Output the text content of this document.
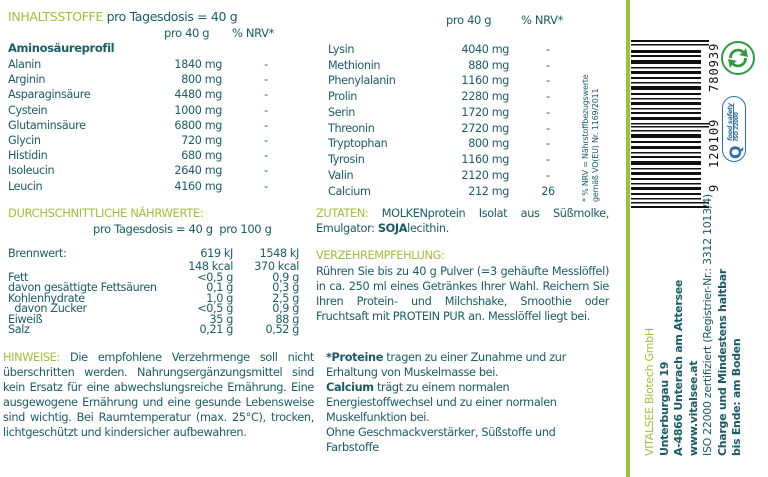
INHALTSSTOFFE pro Tagesdosis = 40 g
pro 40 g % NRV*
pro 40 g	% NRV*
Aminosäureprofil
Alanin	1840 mg	-
Arginin	800 mg	-
Asparaginsäure	4480 mg	-
Cystein	1000 mg	-
Glutaminsäure	6800 mg	-
Glycin	720 mg	-
Histidin	680 mg	-
Isoleucin	2640 mg	-
Leucin	4160 mg	-
Lysin	4040 mg	-
Methionin	880 mg	-
Phenylalanin	1160 mg	-
Prolin	2280 mg	-
Serin	1720 mg	-
Threonin	2720 mg	-
Tryptophan	800 mg	-
Tyrosin	1160 mg	-
Valin	2120 mg	-
Calcium	212 mg	26	* % NRV = Nährstoffbezugswerte gemäß VO(EU) Nr. 1169/2011
DURCHSCHNITTLICHE NÄHRWERTE:
pro Tagesdosis = 40 g  pro 100 g
Brennwert:	619 kJ	1548 kJ
148 kcal	370 kcal
Fett	<0,5 g	0,9 g
davon gesättigte Fettsäuren	0,1 g	0,3 g
Kohlenhydrate	1,0 g	2,5 g
davon Zucker	<0,5 g	0,9 g
Eiweiß	35 g	88 g
Salz	0,21 g	0,52 g
HINWEISE: Die empfohlene Verzehrmenge soll nicht überschritten werden. Nahrungsergänzungsmittel sind kein Ersatz für eine abwechslungsreiche Ernährung. Eine ausgewogene Ernährung und eine gesunde Lebensweise sind wichtig. Bei Raumtemperatur (max. 25°C), trocken, lichtgeschützt und kindersicher aufbewahren.
ZUTATEN: MOLKENprotein Isolat aus Süßmolke, Emulgator: SOJAlecithin.
VERZEHREMPFEHLUNG:
Rühren Sie bis zu 40 g Pulver (=3 gehäufte Messlöffel) in ca. 250 ml eines Getränkes Ihrer Wahl. Reichern Sie Ihren Protein- und Milchshake, Smoothie oder Fruchtsaft mit PROTEIN PUR an. Messlöffel liegt bei.
*Proteine tragen zu einer Zunahme und zur Erhaltung von Muskelmasse bei.
Calcium trägt zu einem normalen Energiestoffwechsel und zu einer normalen Muskelfunktion bei.
Ohne Geschmackverstärker, Süßstoffe und Farbstoffe
9
120109
780939
Q
food safety ISO 22000
VITALSEE Biotech GmbH Unterburgau 19 A-4866 Unterach am Attersee www.vitalsee.at ISO 22000 zertifiziert (Registrier-Nr.: 3312 1013/4) Charge und Mindestens haltbar bis Ende: am Boden
